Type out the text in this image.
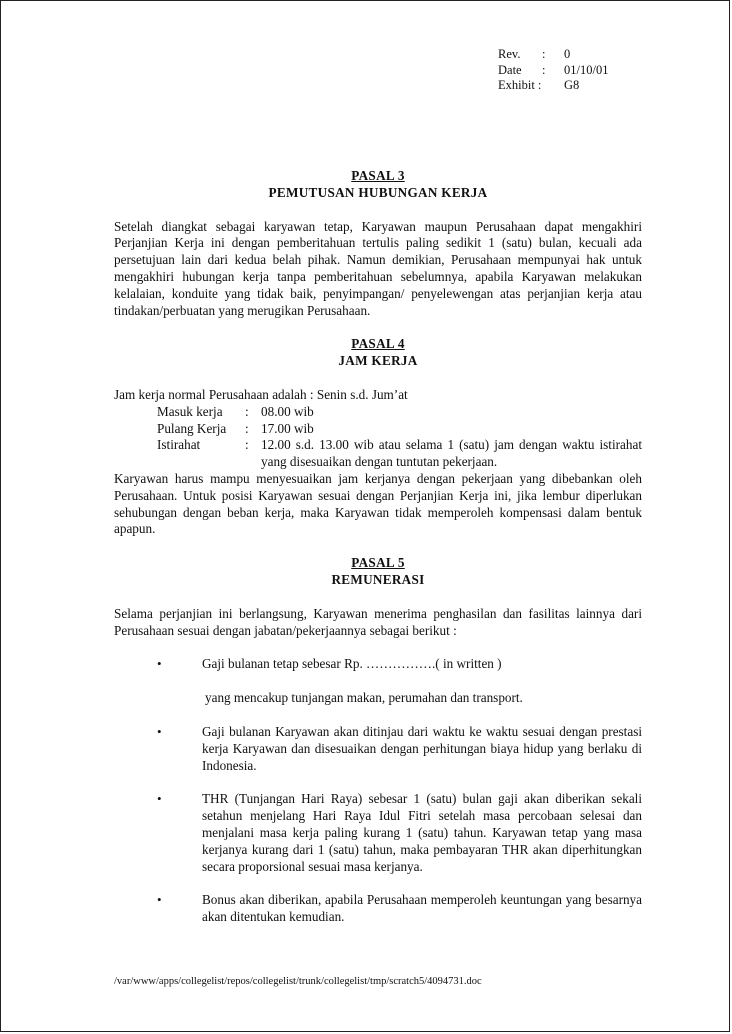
Rev.	:	0
Date	:	01/10/01
Exhibit :	G8
PASAL 3
PEMUTUSAN HUBUNGAN KERJA

Setelah diangkat sebagai karyawan tetap, Karyawan maupun Perusahaan dapat mengakhiri Perjanjian Kerja ini dengan pemberitahuan tertulis paling sedikit 1 (satu) bulan, kecuali ada persetujuan lain dari kedua belah pihak. Namun demikian, Perusahaan mempunyai hak untuk mengakhiri hubungan kerja tanpa pemberitahuan sebelumnya, apabila Karyawan melakukan kelalaian, konduite yang tidak baik, penyimpangan/ penyelewengan atas perjanjian kerja atau tindakan/perbuatan yang merugikan Perusahaan.

PASAL 4
JAM KERJA

Jam kerja normal Perusahaan adalah : Senin s.d. Jum’at

Masuk kerja	: 08.00 wib
Pulang Kerja	: 17.00 wib
Istirahat	: 12.00 s.d. 13.00 wib atau selama 1 (satu) jam dengan waktu istirahat yang disesuaikan dengan tuntutan pekerjaan.

Karyawan harus mampu menyesuaikan jam kerjanya dengan pekerjaan yang dibebankan oleh Perusahaan. Untuk posisi Karyawan sesuai dengan Perjanjian Kerja ini, jika lembur diperlukan sehubungan dengan beban kerja, maka Karyawan tidak memperoleh kompensasi dalam bentuk apapun.

PASAL 5
REMUNERASI

Selama perjanjian ini berlangsung, Karyawan menerima penghasilan dan fasilitas lainnya dari Perusahaan sesuai dengan jabatan/pekerjaannya sebagai berikut :

•	Gaji bulanan tetap sebesar Rp. …………….( in written )
yang mencakup tunjangan makan, perumahan dan transport.
•	Gaji bulanan Karyawan akan ditinjau dari waktu ke waktu sesuai dengan prestasi kerja Karyawan dan disesuaikan dengan perhitungan biaya hidup yang berlaku di Indonesia.

•	THR (Tunjangan Hari Raya) sebesar 1 (satu) bulan gaji akan diberikan sekali setahun menjelang Hari Raya Idul Fitri setelah masa percobaan selesai dan menjalani masa kerja paling kurang 1 (satu) tahun. Karyawan tetap yang masa kerjanya kurang dari 1 (satu) tahun, maka pembayaran THR akan diperhitungkan secara proporsional sesuai masa kerjanya.

•	Bonus akan diberikan, apabila Perusahaan memperoleh keuntungan yang besarnya akan ditentukan kemudian.

/var/www/apps/collegelist/repos/collegelist/trunk/collegelist/tmp/scratch5/4094731.doc
